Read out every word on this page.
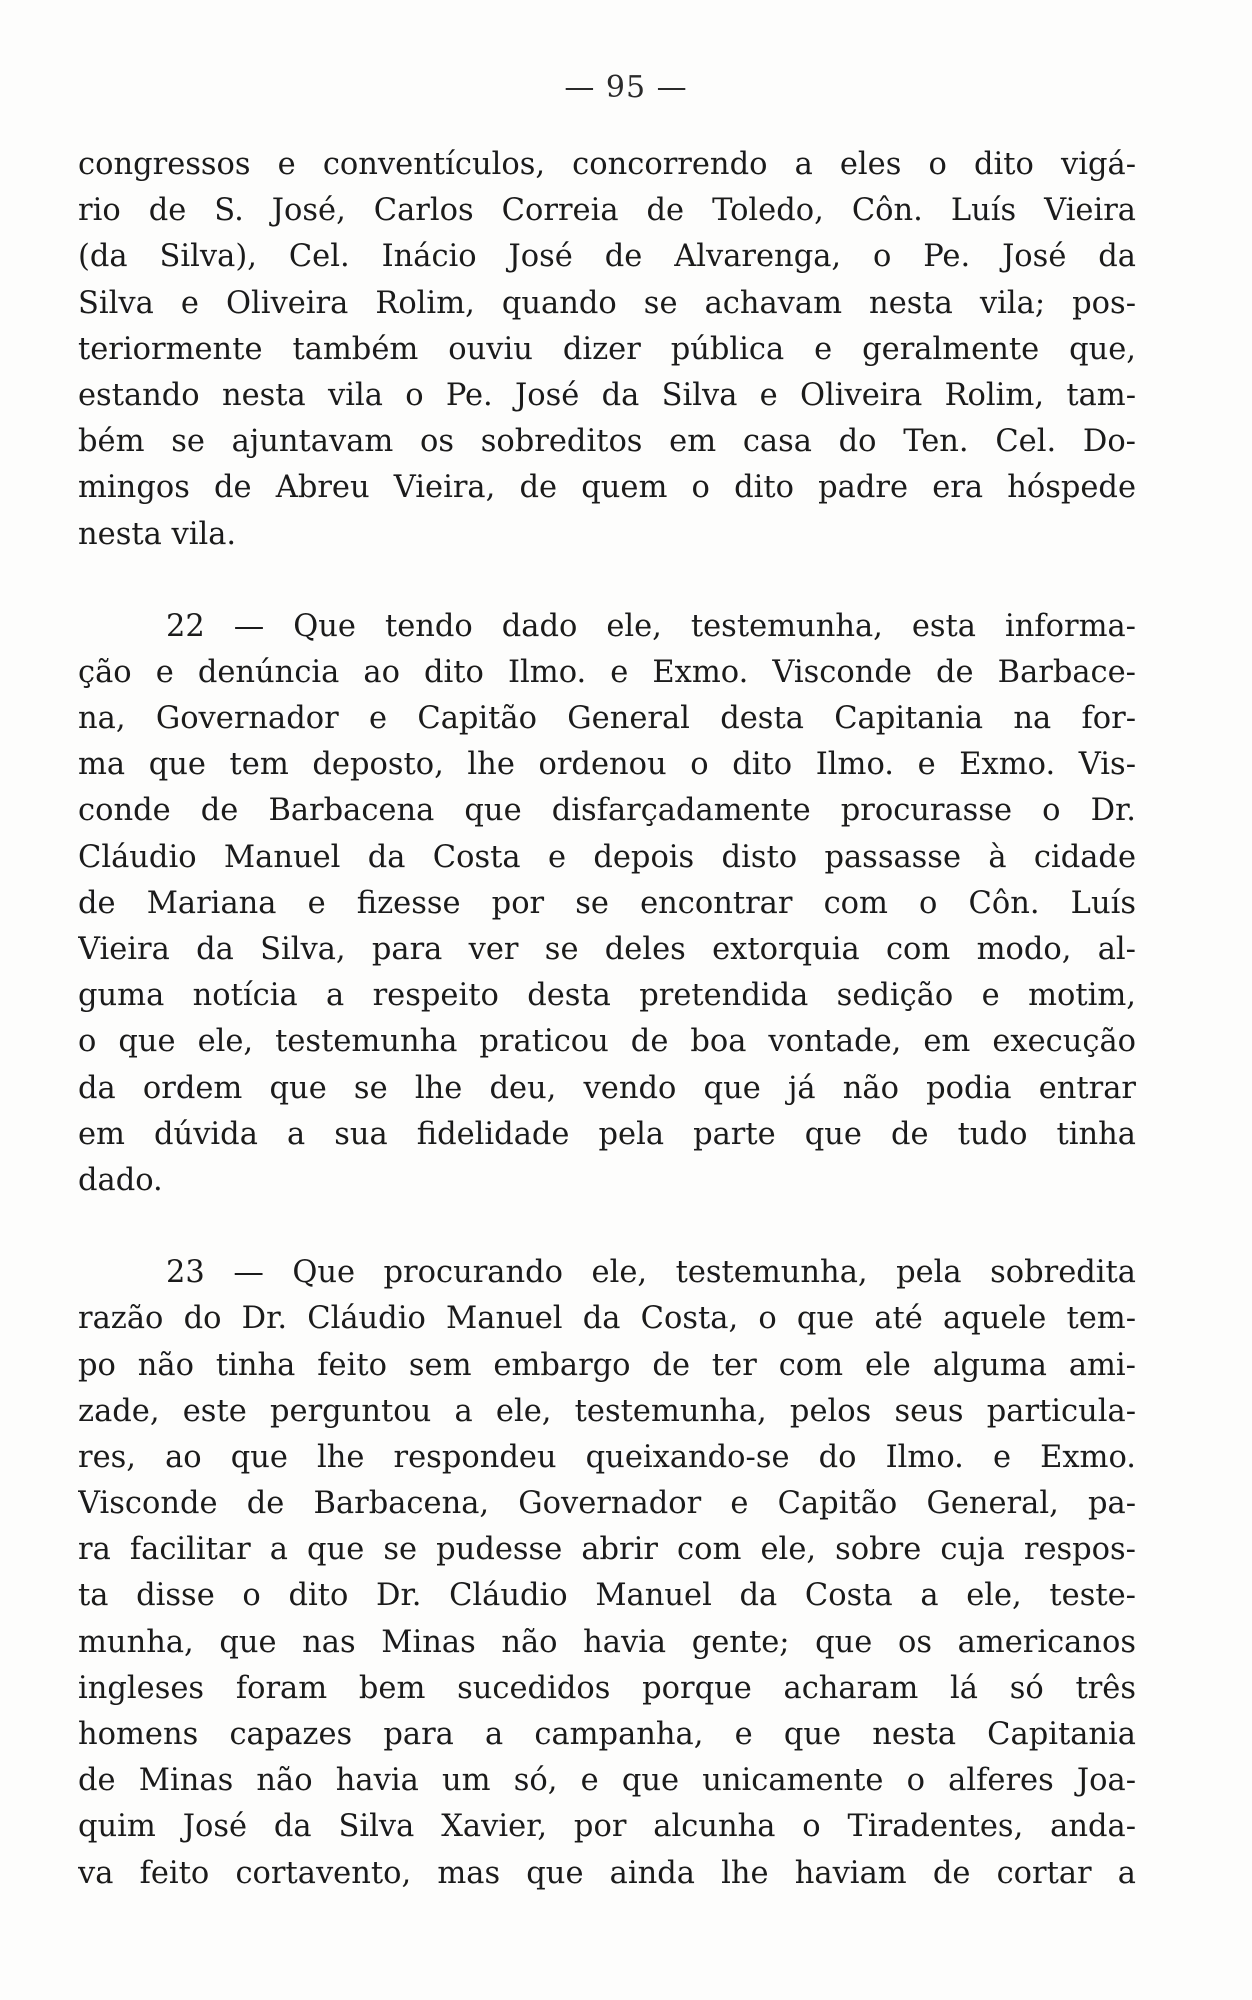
— 95 —

congressos e conventículos, concorrendo a eles o dito vigá-
rio de S. José, Carlos Correia de Toledo, Côn. Luís Vieira
(da Silva), Cel. Inácio José de Alvarenga, o Pe. José da
Silva e Oliveira Rolim, quando se achavam nesta vila; pos-
teriormente também ouviu dizer pública e geralmente que,
estando nesta vila o Pe. José da Silva e Oliveira Rolim, tam-
bém se ajuntavam os sobreditos em casa do Ten. Cel. Do-
mingos de Abreu Vieira, de quem o dito padre era hóspede
nesta vila.

22 — Que tendo dado ele, testemunha, esta informa-
ção e denúncia ao dito Ilmo. e Exmo. Visconde de Barbace-
na, Governador e Capitão General desta Capitania na for-
ma que tem deposto, lhe ordenou o dito Ilmo. e Exmo. Vis-
conde de Barbacena que disfarçadamente procurasse o Dr.
Cláudio Manuel da Costa e depois disto passasse à cidade
de Mariana e fizesse por se encontrar com o Côn. Luís
Vieira da Silva, para ver se deles extorquia com modo, al-
guma notícia a respeito desta pretendida sedição e motim,
o que ele, testemunha praticou de boa vontade, em execução
da ordem que se lhe deu, vendo que já não podia entrar
em dúvida a sua fidelidade pela parte que de tudo tinha
dado.

23 — Que procurando ele, testemunha, pela sobredita
razão do Dr. Cláudio Manuel da Costa, o que até aquele tem-
po não tinha feito sem embargo de ter com ele alguma ami-
zade, este perguntou a ele, testemunha, pelos seus particula-
res, ao que lhe respondeu queixando-se do Ilmo. e Exmo.
Visconde de Barbacena, Governador e Capitão General, pa-
ra facilitar a que se pudesse abrir com ele, sobre cuja respos-
ta disse o dito Dr. Cláudio Manuel da Costa a ele, teste-
munha, que nas Minas não havia gente; que os americanos
ingleses foram bem sucedidos porque acharam lá só três
homens capazes para a campanha, e que nesta Capitania
de Minas não havia um só, e que unicamente o alferes Joa-
quim José da Silva Xavier, por alcunha o Tiradentes, anda-
va feito cortavento, mas que ainda lhe haviam de cortar a
